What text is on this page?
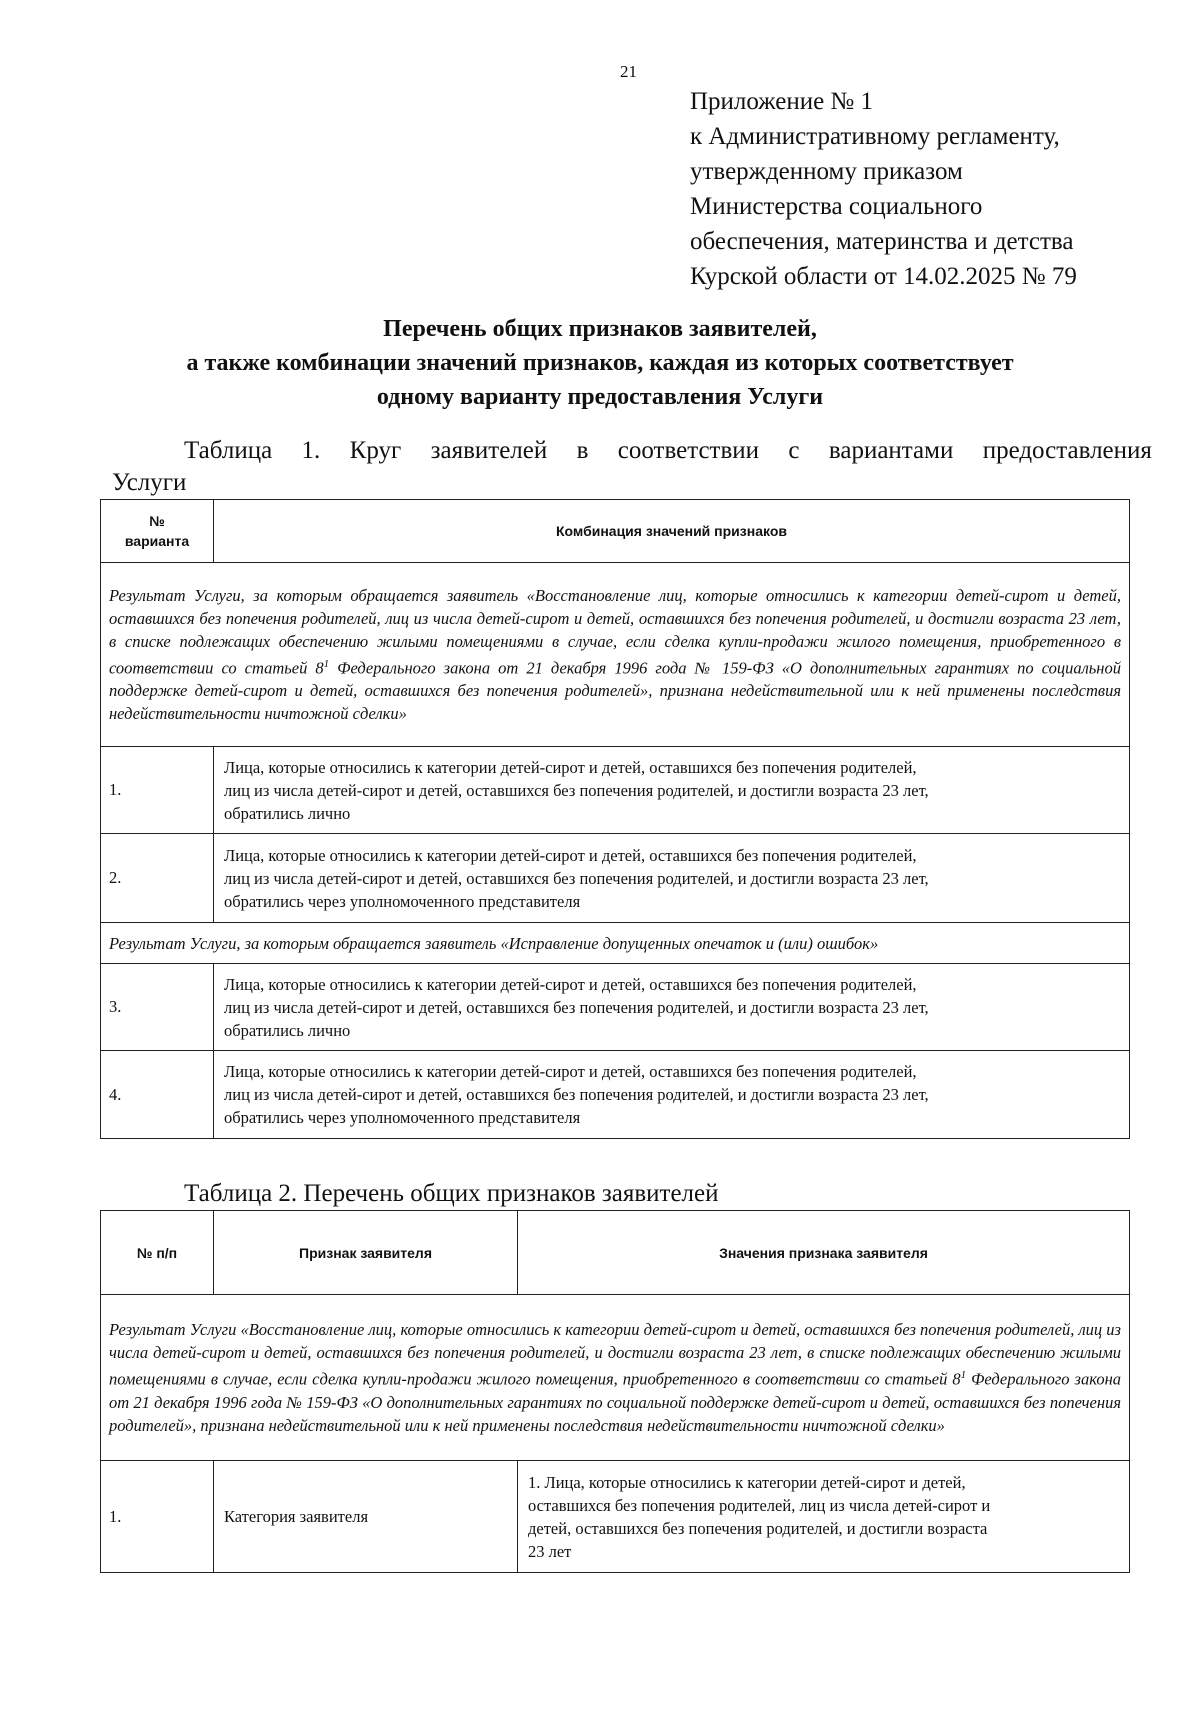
21
Приложение № 1
к Административному регламенту,
утвержденному приказом
Министерства социального
обеспечения, материнства и детства
Курской области от 14.02.2025 № 79
Перечень общих признаков заявителей,
а также комбинации значений признаков, каждая из которых соответствует
одному варианту предоставления Услуги
Таблица 1. Круг заявителей в соответствии с вариантами предоставления
Услуги
№
варианта	Комбинация значений признаков
Результат Услуги, за которым обращается заявитель «Восстановление лиц, которые относились к категории детей-сирот и детей, оставшихся без попечения родителей, лиц из числа детей-сирот и детей, оставшихся без попечения родителей, и достигли возраста 23 лет, в списке подлежащих обеспечению жилыми помещениями в случае, если сделка купли-продажи жилого помещения, приобретенного в соответствии со статьей $8^1$ Федерального закона от 21 декабря 1996 года № 159-ФЗ «О дополнительных гарантиях по социальной поддержке детей-сирот и детей, оставшихся без попечения родителей», признана недействительной или к ней применены последствия недействительности ничтожной сделки»	
1.	Лица, которые относились к категории детей-сирот и детей, оставшихся без попечения родителей,
лиц из числа детей-сирот и детей, оставшихся без попечения родителей, и достигли возраста 23 лет,
обратились лично

2.	Лица, которые относились к категории детей-сирот и детей, оставшихся без попечения родителей,
лиц из числа детей-сирот и детей, оставшихся без попечения родителей, и достигли возраста 23 лет,
обратились через уполномоченного представителя

Результат Услуги, за которым обращается заявитель «Исправление допущенных опечаток и (или) ошибок»	
3.	Лица, которые относились к категории детей-сирот и детей, оставшихся без попечения родителей,
лиц из числа детей-сирот и детей, оставшихся без попечения родителей, и достигли возраста 23 лет,
обратились лично

4.	Лица, которые относились к категории детей-сирот и детей, оставшихся без попечения родителей,
лиц из числа детей-сирот и детей, оставшихся без попечения родителей, и достигли возраста 23 лет,
обратились через уполномоченного представителя
Таблица 2. Перечень общих признаков заявителей
№ п/п	Признак заявителя	Значения признака заявителя
Результат Услуги «Восстановление лиц, которые относились к категории детей-сирот и детей, оставшихся без попечения родителей, лиц из числа детей-сирот и детей, оставшихся без попечения родителей, и достигли возраста 23 лет, в списке подлежащих обеспечению жилыми помещениями в случае, если сделка купли-продажи жилого помещения, приобретенного в соответствии со статьей $8^1$ Федерального закона от 21 декабря 1996 года № 159-ФЗ «О дополнительных гарантиях по социальной поддержке детей-сирот и детей, оставшихся без попечения родителей», признана недействительной или к ней применены последствия недействительности ничтожной сделки»		
1.	Категория заявителя	1. Лица, которые относились к категории детей-сирот и детей,
оставшихся без попечения родителей, лиц из числа детей-сирот и
детей, оставшихся без попечения родителей, и достигли возраста
23 лет
